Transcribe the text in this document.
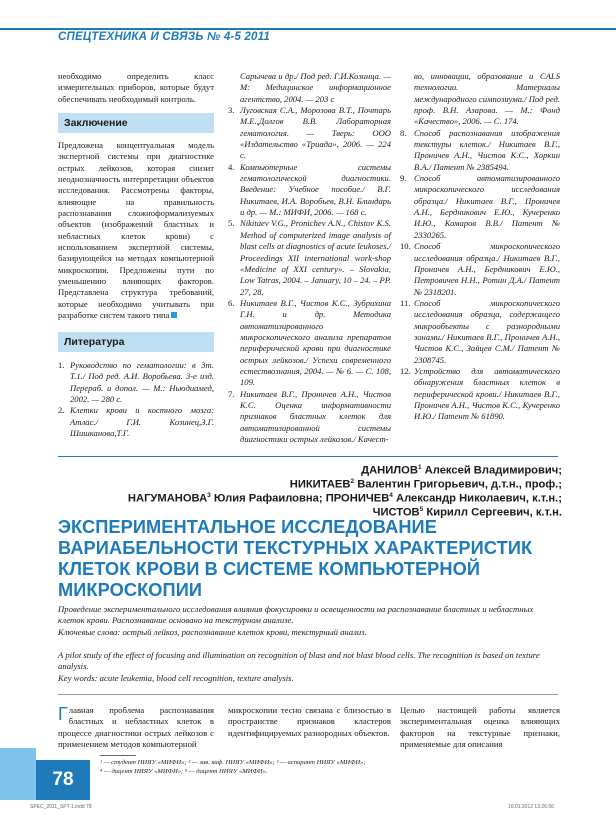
СПЕЦТЕХНИКА И СВЯЗЬ № 4-5 2011

необходимо определить класс измерительных приборов, которые будут обеспечивать необходимый контроль.

Заключение

Предложена концептуальная модель экспертной системы при диагностике острых лейкозов, которая снизит неоднозначность интерпретации объектов исследования. Рассмотрены факторы, влияющие на правильность распознавания сложноформализуемых объектов (изображений бластных и небластных клеток крови) с использованием экспертной системы, базирующейся на методах компьютерной микроскопии. Предложены пути по уменьшению влияющих факторов. Представлена структура требований, которые необходимо учитывать при разработке систем такого типа

Литература
1. Руководство по гематологии: в 3т. Т.1./ Под ред. А.И. Воробьева. 3-е изд. Перераб. и допол. — М.: Ньюдиамед, 2002. — 280 с.
2. Клетки крови и костного мозга: Атлас./ Г.И. Козинец,З.Г. Шишканова,Т.Г.

Сарычева и др./ Под ред. Г.И.Козинца. — М: Медицинское информационное агентство, 2004. — 203 с

3. Луговская С.А., Морозова В.Т., Почтарь М.Е.,Долгов В.В. Лабораторная гематология. — Тверь: ООО «Издательство «Триада», 2006. — 224 с.
4. Компьютерные системы гематологической диагностики. Введение: Учебное пособие./ В.Г. Никитаев, И.А. Воробьев, В.Н. Блиндарь и др. — М.: МИФИ, 2006. — 168 с.
5. Nikitaev V.G., Pronichev A.N., Chistov K.S. Method of computerized image analysis of blast cells at diagnostics of acute leukoses./ Proceedings XII international work-shop «Medicine of XXI century». – Slovakia, Low Tatras, 2004. – January, 10 – 24. – PP. 27, 28.
6. Никитаев В.Г., Чистов К.С., Зубрихина Г.Н. и др. Методика автоматизированного микроскопического анализа препаратов периферической крови при диагностике острых лейкозов./ Успехи современного естествознания, 2004. — № 6. — С. 108, 109.
7. Никитаев В.Г., Проничев А.Н., Чистов К.С. Оценка информативности признаков бластных клеток для автоматизированной системы диагностики острых лейкозов./ Качест-

во, инновации, образование и CALS технологии. Материалы международного симпозиума./ Под ред. проф. В.Н. Азарова. — М.: Фонд «Качество», 2006. — С. 174.

8. Способ распознавания изображения текстуры клеток./ Никитаев В.Г., Проничев А.Н., Чистов К.С., Хоркин В.А./ Патент № 2385494.
9. Способ автоматизированного микроскопического исследования образца./ Никитаев В.Г., Проничев А.Н., Бердникович Е.Ю., Кучеренко И.Ю., Комаров В.В./ Патент № 2330265.
10. Способ микроскопического исследования образца./ Никитаев В.Г., Проничев А.Н., Бердникович Е.Ю., Петровичев Н.Н., Ротин Д.А./ Патент № 2318201.
11. Способ микроскопического исследования образца, содержащего микрообъекты с разнородными зонами./ Никитаев В.Г., Проничев А.Н., Чистов К.С., Зайцев С.М./ Патент № 2308745.
12. Устройство для автоматического обнаружения бластных клеток в периферической крови./ Никитаев В.Г., Проничев А.Н., Чистов К.С., Кучеренко И.Ю./ Патент № 61890.
ДАНИЛОВ$^1$ Алексей Владимирович;
НИКИТАЕВ$^2$ Валентин Григорьевич, д.т.н., проф.;
НАГУМАНОВА$^3$ Юлия Рафаиловна; ПРОНИЧЕВ$^4$ Александр Николаевич, к.т.н.;
ЧИСТОВ$^5$ Кирилл Сергеевич, к.т.н.
ЭКСПЕРИМЕНТАЛЬНОЕ ИССЛЕДОВАНИЕ ВАРИАБЕЛЬНОСТИ ТЕКСТУРНЫХ ХАРАКТЕРИСТИК КЛЕТОК КРОВИ В СИСТЕМЕ КОМПЬЮТЕРНОЙ МИКРОСКОПИИ
Проведение экспериментального исследования влияния фокусировки и освещенности на распознавание бластных и небластных клеток крови. Распознавание основано на текстурном анализе.
Ключевые слова: острый лейкоз, распознавание клеток крови, текстурный анализ.
A pilot study of the effect of focusing and illumination on recognition of blast and not blast blood cells. The recognition is based on texture analysis.
Key words: acute leukemia, blood cell recognition, texture analysis.
Главная проблема распознавания бластных и небластных клеток в процессе диагностики острых лейкозов с применением методов компьютерной
микроскопии тесно связана с близостью в пространстве признаков кластеров идентифицируемых разнородных объектов.
Целью настоящей работы является экспериментальная оценка влияющих факторов на текстурные признаки, применяемые для описания
¹ — студент НИЯУ «МИФИ»; ² — зав. каф. НИЯУ «МИФИ»; ³ — аспирант НИЯУ «МИФИ»;
⁴ — доцент НИЯУ «МИФИ»; ⁵ — доцент НИЯУ «МИФИ».
78
SPEC_2011_SPT-1.indd 78	16.01.2012 13:26:56
